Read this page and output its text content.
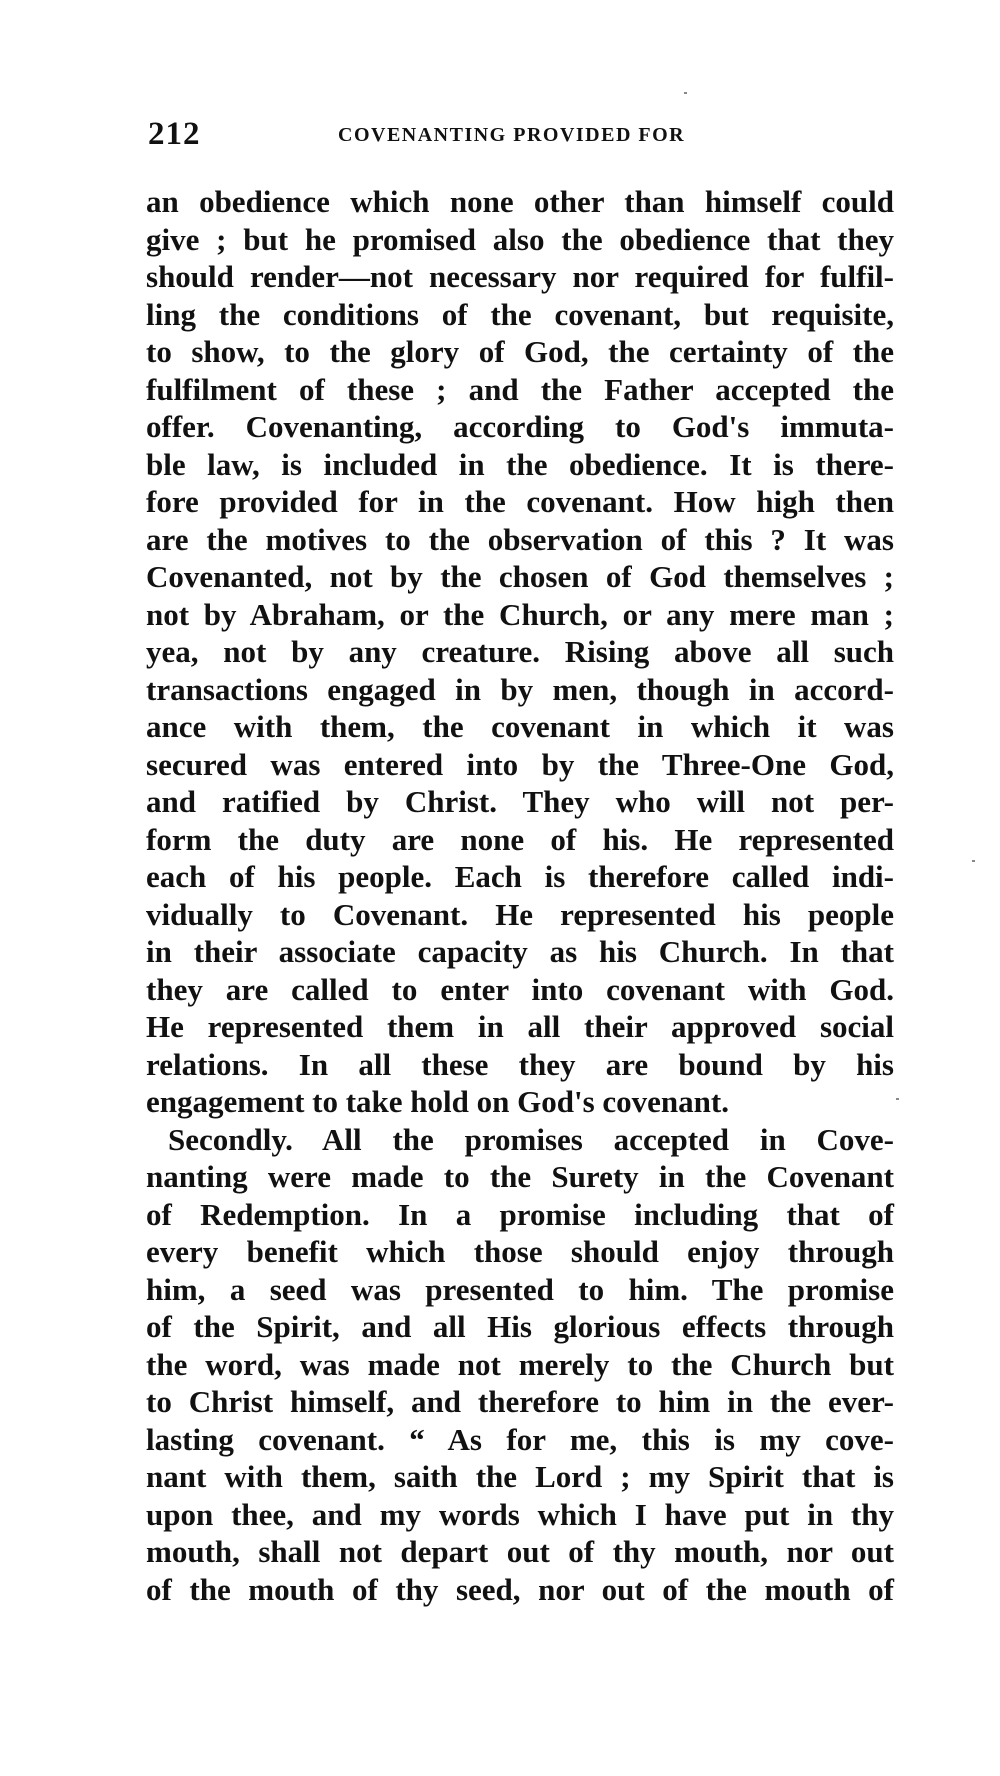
212	COVENANTING PROVIDED FOR
an obedience which none other than himself could
give ; but he promised also the obedience that they
should render—not necessary nor required for fulfil-
ling the conditions of the covenant, but requisite,
to show, to the glory of God, the certainty of the
fulfilment of these ; and the Father accepted the
offer. Covenanting, according to God's immuta-
ble law, is included in the obedience. It is there-
fore provided for in the covenant. How high then
are the motives to the observation of this ? It was
Covenanted, not by the chosen of God themselves ;
not by Abraham, or the Church, or any mere man ;
yea, not by any creature. Rising above all such
transactions engaged in by men, though in accord-
ance with them, the covenant in which it was
secured was entered into by the Three-One God,
and ratified by Christ. They who will not per-
form the duty are none of his. He represented
each of his people. Each is therefore called indi-
vidually to Covenant. He represented his people
in their associate capacity as his Church. In that
they are called to enter into covenant with God.
He represented them in all their approved social
relations. In all these they are bound by his
engagement to take hold on God's covenant.
Secondly. All the promises accepted in Cove-
nanting were made to the Surety in the Covenant
of Redemption. In a promise including that of
every benefit which those should enjoy through
him, a seed was presented to him. The promise
of the Spirit, and all His glorious effects through
the word, was made not merely to the Church but
to Christ himself, and therefore to him in the ever-
lasting covenant. “ As for me, this is my cove-
nant with them, saith the Lord ; my Spirit that is
upon thee, and my words which I have put in thy
mouth, shall not depart out of thy mouth, nor out
of the mouth of thy seed, nor out of the mouth of
